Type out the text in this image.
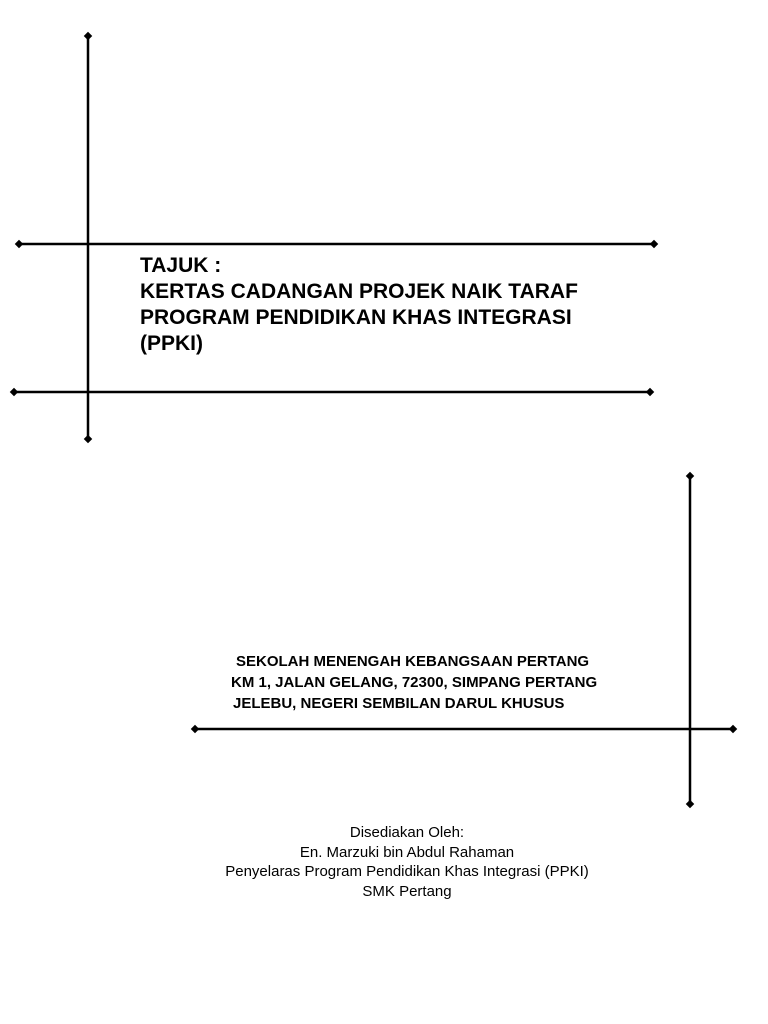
TAJUK :
KERTAS CADANGAN PROJEK NAIK TARAF
PROGRAM PENDIDIKAN KHAS INTEGRASI
(PPKI)
SEKOLAH MENENGAH KEBANGSAAN PERTANG
KM 1, JALAN GELANG, 72300, SIMPANG PERTANG
JELEBU, NEGERI SEMBILAN DARUL KHUSUS
Disediakan Oleh:
En. Marzuki bin Abdul Rahaman
Penyelaras Program Pendidikan Khas Integrasi (PPKI)
SMK Pertang
